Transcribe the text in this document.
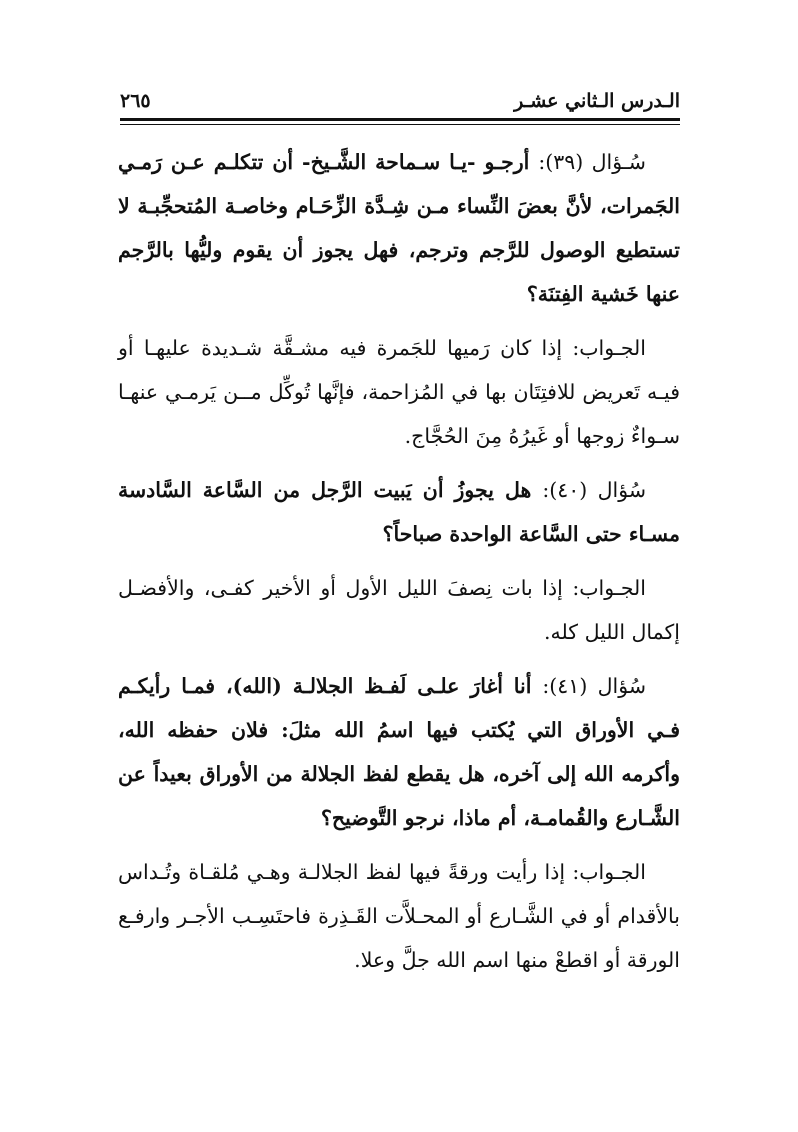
الـدرس الـثاني عشـر
٢٦٥

سُـؤال (٣٩): أرجـو -يـا سـماحة الشَّـيخ- أن تتكلـم عـن رَمـي الجَمرات، لأنَّ بعضَ النِّساء مـن شِـدَّة الزِّحَـام وخاصـة المُتحجِّبـة لا تستطيع الوصول للرَّجم وترجم، فهل يجوز أن يقوم وليُّها بالرَّجم عنها خَشية الفِتنَة؟

الجـواب: إذا كان رَميها للجَمرة فيه مشـقَّة شـديدة عليهـا أو فيـه تَعريض للافتِتَان بها في المُزاحمة، فإنَّها تُوكِّل مــن يَرمـي عنهـا سـواءٌ زوجها أو غَيرُهُ مِنَ الحُجَّاج.

سُؤال (٤٠): هل يجوزُ أن يَبيت الرَّجل من السَّاعة السَّادسة مسـاء حتى السَّاعة الواحدة صباحاً؟

الجـواب: إذا بات نِصفَ الليل الأول أو الأخير كفـى، والأفضـل إكمال الليل كله.

سُؤال (٤١): أنا أغارَ علـى لَفـظ الجلالـة (الله)، فمـا رأيكـم فـي الأوراق التي يُكتب فيها اسمُ الله مثلَ: فلان حفظه الله، وأكرمه الله إلى آخره، هل يقطع لفظ الجلالة من الأوراق بعيداً عن الشَّـارع والقُمامـة، أم ماذا، نرجو التَّوضيح؟

الجـواب: إذا رأيت ورقةً فيها لفظ الجلالـة وهـي مُلقـاة وتُـداس بالأقدام أو في الشَّـارع أو المحـلاَّت القَـذِرة فاحتَسِـب الأجـر وارفـع الورقة أو اقطعْ منها اسم الله جلَّ وعلا.
